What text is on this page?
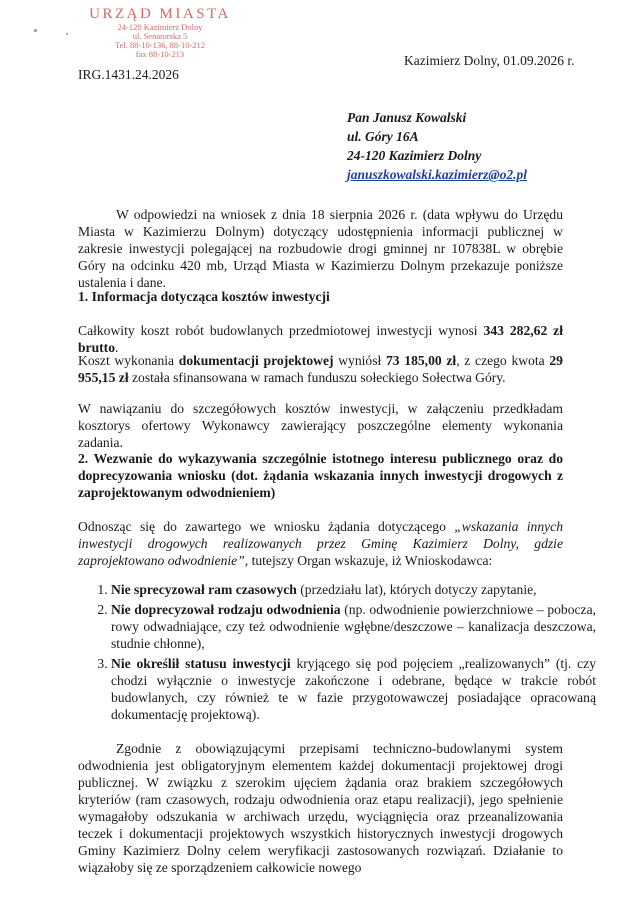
URZĄD MIASTA
24-120 Kazimierz Dolny
ul. Senatorska 5
Tel. 88-10-136, 88-10-212
fax 88-10-213
IRG.1431.24.2026
Kazimierz Dolny, 01.09.2026 r.
Pan Janusz Kowalski
ul. Góry 16A
24-120 Kazimierz Dolny
januszkowalski.kazimierz@o2.pl
W odpowiedzi na wniosek z dnia 18 sierpnia 2026 r. (data wpływu do Urzędu Miasta w Kazimierzu Dolnym) dotyczący udostępnienia informacji publicznej w zakresie inwestycji polegającej na rozbudowie drogi gminnej nr 107838L w obrębie Góry na odcinku 420 mb, Urząd Miasta w Kazimierzu Dolnym przekazuje poniższe ustalenia i dane.
1. Informacja dotycząca kosztów inwestycji
Całkowity koszt robót budowlanych przedmiotowej inwestycji wynosi 343 282,62 zł brutto.
Koszt wykonania dokumentacji projektowej wyniósł 73 185,00 zł, z czego kwota 29 955,15 zł została sfinansowana w ramach funduszu sołeckiego Sołectwa Góry.
W nawiązaniu do szczegółowych kosztów inwestycji, w załączeniu przedkładam kosztorys ofertowy Wykonawcy zawierający poszczególne elementy wykonania zadania.
2. Wezwanie do wykazywania szczególnie istotnego interesu publicznego oraz do doprecyzowania wniosku (dot. żądania wskazania innych inwestycji drogowych z zaprojektowanym odwodnieniem)
Odnosząc się do zawartego we wniosku żądania dotyczącego „wskazania innych inwestycji drogowych realizowanych przez Gminę Kazimierz Dolny, gdzie zaprojektowano odwodnienie”, tutejszy Organ wskazuje, iż Wnioskodawca:
1. Nie sprecyzował ram czasowych (przedziału lat), których dotyczy zapytanie,
2. Nie doprecyzował rodzaju odwodnienia (np. odwodnienie powierzchniowe – pobocza, rowy odwadniające, czy też odwodnienie wgłębne/deszczowe – kanalizacja deszczowa, studnie chłonne),
3. Nie określił statusu inwestycji kryjącego się pod pojęciem „realizowanych” (tj. czy chodzi wyłącznie o inwestycje zakończone i odebrane, będące w trakcie robót budowlanych, czy również te w fazie przygotowawczej posiadające opracowaną dokumentację projektową).
Zgodnie z obowiązującymi przepisami techniczno-budowlanymi system odwodnienia jest obligatoryjnym elementem każdej dokumentacji projektowej drogi publicznej. W związku z szerokim ujęciem żądania oraz brakiem szczegółowych kryteriów (ram czasowych, rodzaju odwodnienia oraz etapu realizacji), jego spełnienie wymagałoby odszukania w archiwach urzędu, wyciągnięcia oraz przeanalizowania teczek i dokumentacji projektowych wszystkich historycznych inwestycji drogowych Gminy Kazimierz Dolny celem weryfikacji zastosowanych rozwiązań. Działanie to wiązałoby się ze sporządzeniem całkowicie nowego
